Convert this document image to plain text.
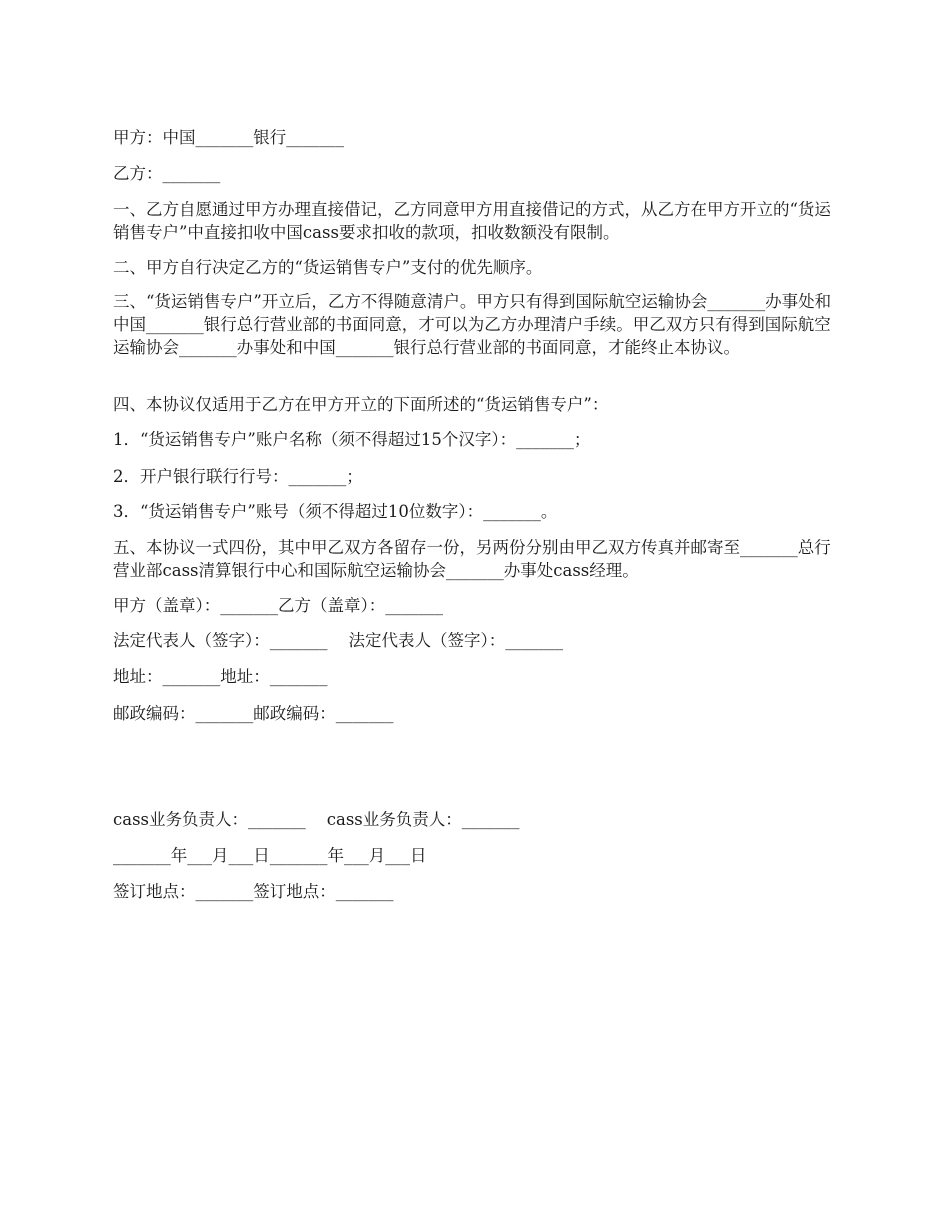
甲方：中国_______银行_______

乙方：_______

一、乙方自愿通过甲方办理直接借记，乙方同意甲方用直接借记的方式，从乙方在甲方开立的“货运销售专户”中直接扣收中国cass要求扣收的款项，扣收数额没有限制。

二、甲方自行决定乙方的“货运销售专户”支付的优先顺序。

三、“货运销售专户”开立后，乙方不得随意清户。甲方只有得到国际航空运输协会_______办事处和中国_______银行总行营业部的书面同意，才可以为乙方办理清户手续。甲乙双方只有得到国际航空运输协会_______办事处和中国_______银行总行营业部的书面同意，才能终止本协议。

四、本协议仅适用于乙方在甲方开立的下面所述的“货运销售专户”：

1．“货运销售专户”账户名称（须不得超过15个汉字）：_______；

2．开户银行联行行号：_______；

3．“货运销售专户”账号（须不得超过10位数字）：_______。

五、本协议一式四份，其中甲乙双方各留存一份，另两份分别由甲乙双方传真并邮寄至_______总行营业部cass清算银行中心和国际航空运输协会_______办事处cass经理。

甲方（盖章）：_______乙方（盖章）：_______

法定代表人（签字）：_______    法定代表人（签字）：_______

地址：_______地址：_______

邮政编码：_______邮政编码：_______

cass业务负责人：_______    cass业务负责人：_______

_______年___月___日_______年___月___日

签订地点：_______签订地点：_______
